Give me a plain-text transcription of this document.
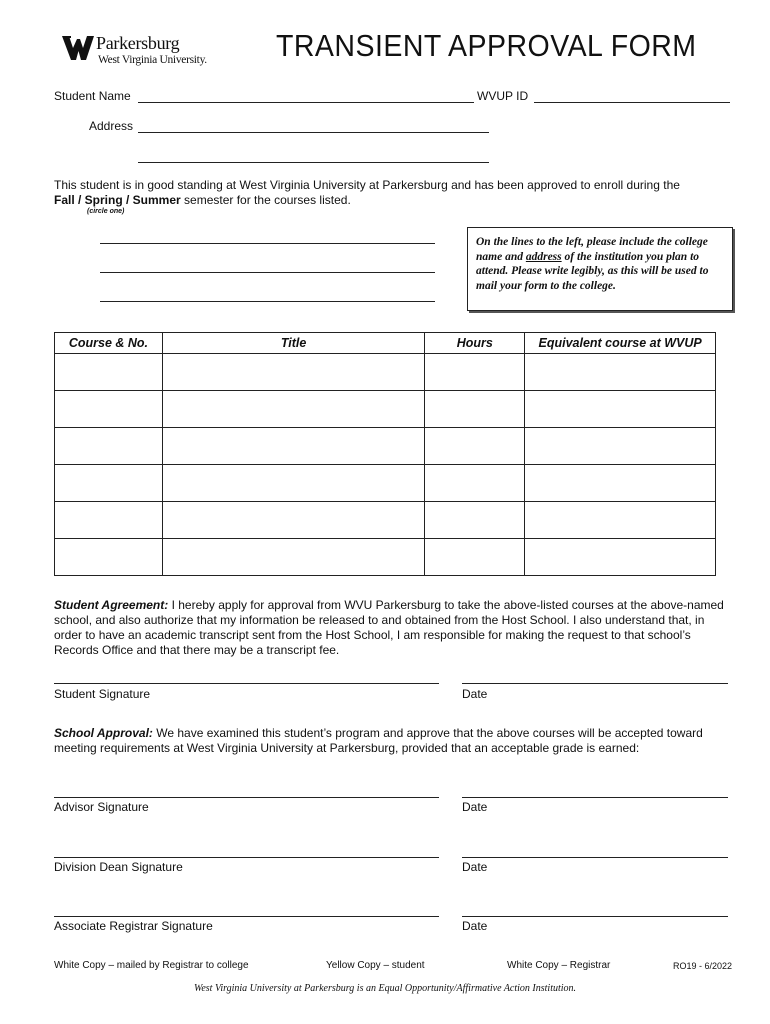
Parkersburg
West Virginia University. TRANSIENT APPROVAL FORM
Student Name	WVUP ID
Address
This student is in good standing at West Virginia University at Parkersburg and has been approved to enroll during the
Fall / Spring / Summer semester for the courses listed.
(circle one)
On the lines to the left, please include the college name and address of the institution you plan to attend. Please write legibly, as this will be used to mail your form to the college.
Course & No.	Title	Hours	Equivalent course at WVUP

Student Agreement: I hereby apply for approval from WVU Parkersburg to take the above-listed courses at the above-named school, and also authorize that my information be released to and obtained from the Host School. I also understand that, in order to have an academic transcript sent from the Host School, I am responsible for making the request to that school’s Records Office and that there may be a transcript fee.
Student Signature	Date
School Approval: We have examined this student’s program and approve that the above courses will be accepted toward meeting requirements at West Virginia University at Parkersburg, provided that an acceptable grade is earned:
Advisor Signature	Date
Division Dean Signature	Date
Associate Registrar Signature	Date
White Copy – mailed by Registrar to college	Yellow Copy – student	White Copy – Registrar	RO19 - 6/2022
West Virginia University at Parkersburg is an Equal Opportunity/Affirmative Action Institution.
